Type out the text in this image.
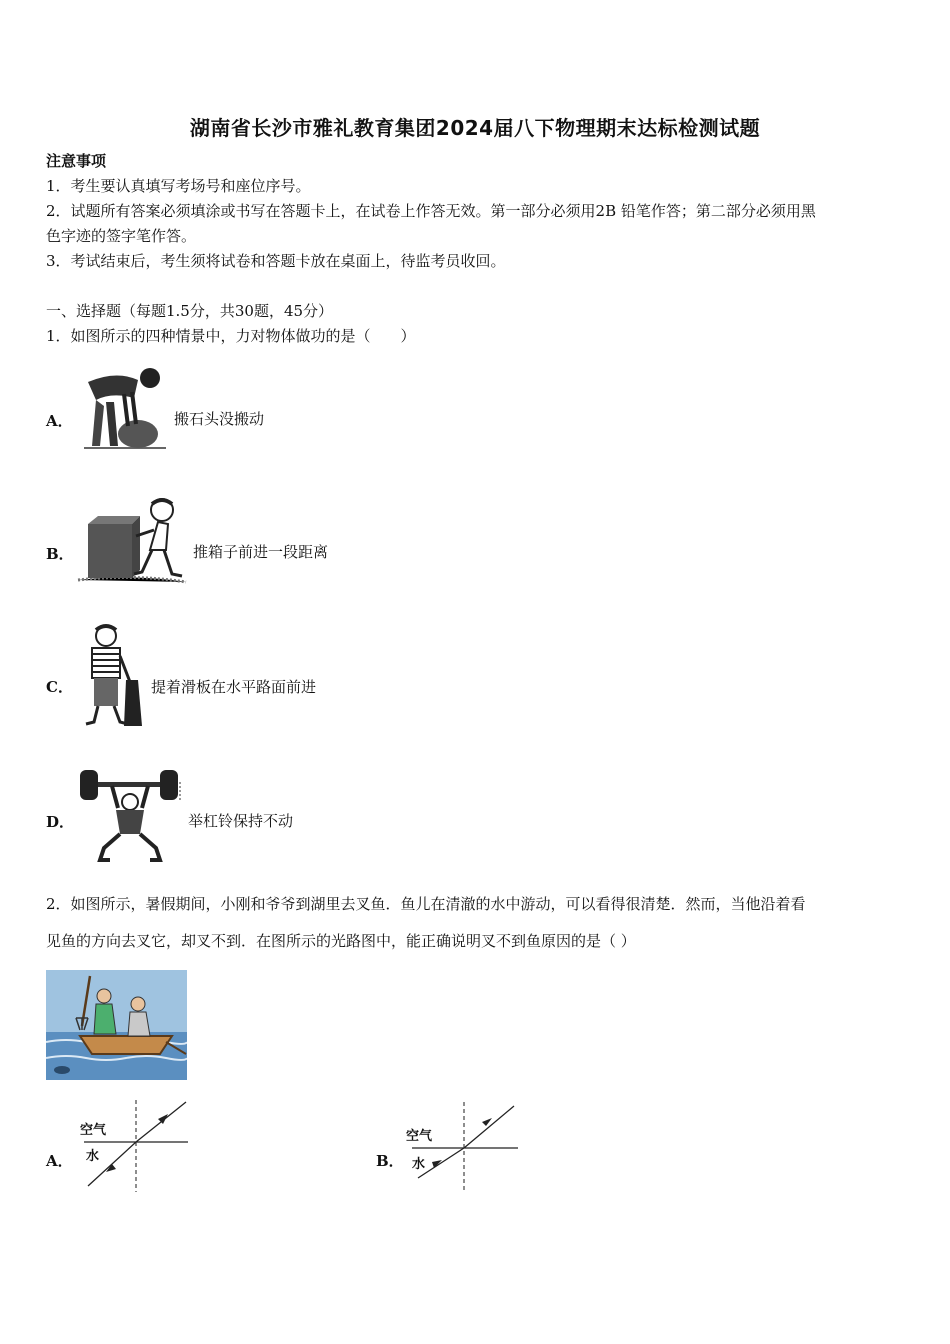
湖南省长沙市雅礼教育集团2024届八下物理期末达标检测试题
注意事项
1．考生要认真填写考场号和座位序号。
2．试题所有答案必须填涂或书写在答题卡上，在试卷上作答无效。第一部分必须用2B 铅笔作答；第二部分必须用黑
色字迹的签字笔作答。
3．考试结束后，考生须将试卷和答题卡放在桌面上，待监考员收回。
一、选择题（每题1.5分，共30题，45分）
1．如图所示的四种情景中，力对物体做功的是（　　）
A．	搬石头没搬动
B．	推箱子前进一段距离
C．	提着滑板在水平路面前进
D．	举杠铃保持不动
2．如图所示，暑假期间，小刚和爷爷到湖里去叉鱼．鱼儿在清澈的水中游动，可以看得很清楚．然而，当他沿着看
见鱼的方向去叉它，却叉不到．在图所示的光路图中，能正确说明叉不到鱼原因的是（ ）
A．
空气
水	B．
空气
水
